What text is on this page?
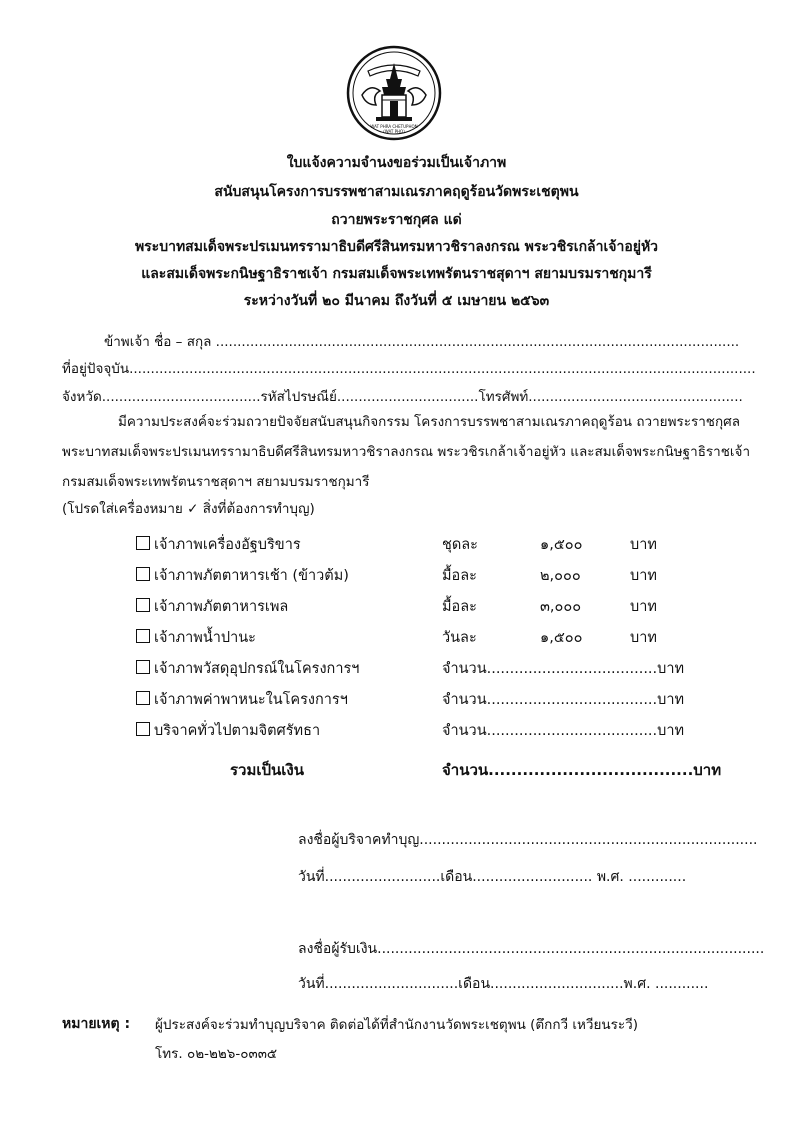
WAT PHRA CHETUPHON
(WAT PHO)
ใบแจ้งความจำนงขอร่วมเป็นเจ้าภาพ
สนับสนุนโครงการบรรพชาสามเณรภาคฤดูร้อนวัดพระเชตุพน
ถวายพระราชกุศล แด่
พระบาทสมเด็จพระปรเมนทรรามาธิบดีศรีสินทรมหาวชิราลงกรณ พระวชิรเกล้าเจ้าอยู่หัว
และสมเด็จพระกนิษฐาธิราชเจ้า กรมสมเด็จพระเทพรัตนราชสุดาฯ สยามบรมราชกุมารี
ระหว่างวันที่ ๒๐ มีนาคม ถึงวันที่ ๕ เมษายน ๒๕๖๓
ข้าพเจ้า ชื่อ – สกุล ..........................................................................................................................
ที่อยู่ปัจจุบัน..................................................................................................................................................
จังหวัด.....................................รหัสไปรษณีย์.................................โทรศัพท์..................................................
มีความประสงค์จะร่วมถวายปัจจัยสนับสนุนกิจกรรม โครงการบรรพชาสามเณรภาคฤดูร้อน ถวายพระราชกุศล
พระบาทสมเด็จพระปรเมนทรรามาธิบดีศรีสินทรมหาวชิราลงกรณ พระวชิรเกล้าเจ้าอยู่หัว และสมเด็จพระกนิษฐาธิราชเจ้า
กรมสมเด็จพระเทพรัตนราชสุดาฯ สยามบรมราชกุมารี
(โปรดใส่เครื่องหมาย ✓ สิ่งที่ต้องการทำบุญ)
เจ้าภาพเครื่องอัฐบริขาร	ชุดละ	๑,๕๐๐	บาท
เจ้าภาพภัตตาหารเช้า (ข้าวต้ม)	มื้อละ	๒,๐๐๐	บาท
เจ้าภาพภัตตาหารเพล	มื้อละ	๓,๐๐๐	บาท
เจ้าภาพน้ำปานะ	วันละ	๑,๕๐๐	บาท
เจ้าภาพวัสดุอุปกรณ์ในโครงการฯ	จำนวน.....................................บาท
เจ้าภาพค่าพาหนะในโครงการฯ	จำนวน.....................................บาท
บริจาคทั่วไปตามจิตศรัทธา	จำนวน.....................................บาท
รวมเป็นเงิน	จำนวน....................................บาท
ลงชื่อผู้บริจาคทำบุญ............................................................................
วันที่..........................เดือน........................... พ.ศ. .............
ลงชื่อผู้รับเงิน.......................................................................................
วันที่..............................เดือน..............................พ.ศ. ............
หมายเหตุ : ผู้ประสงค์จะร่วมทำบุญบริจาค ติดต่อได้ที่สำนักงานวัดพระเชตุพน (ตึกกวี เหวียนระวี)
โทร. ๐๒-๒๒๖-๐๓๓๕
